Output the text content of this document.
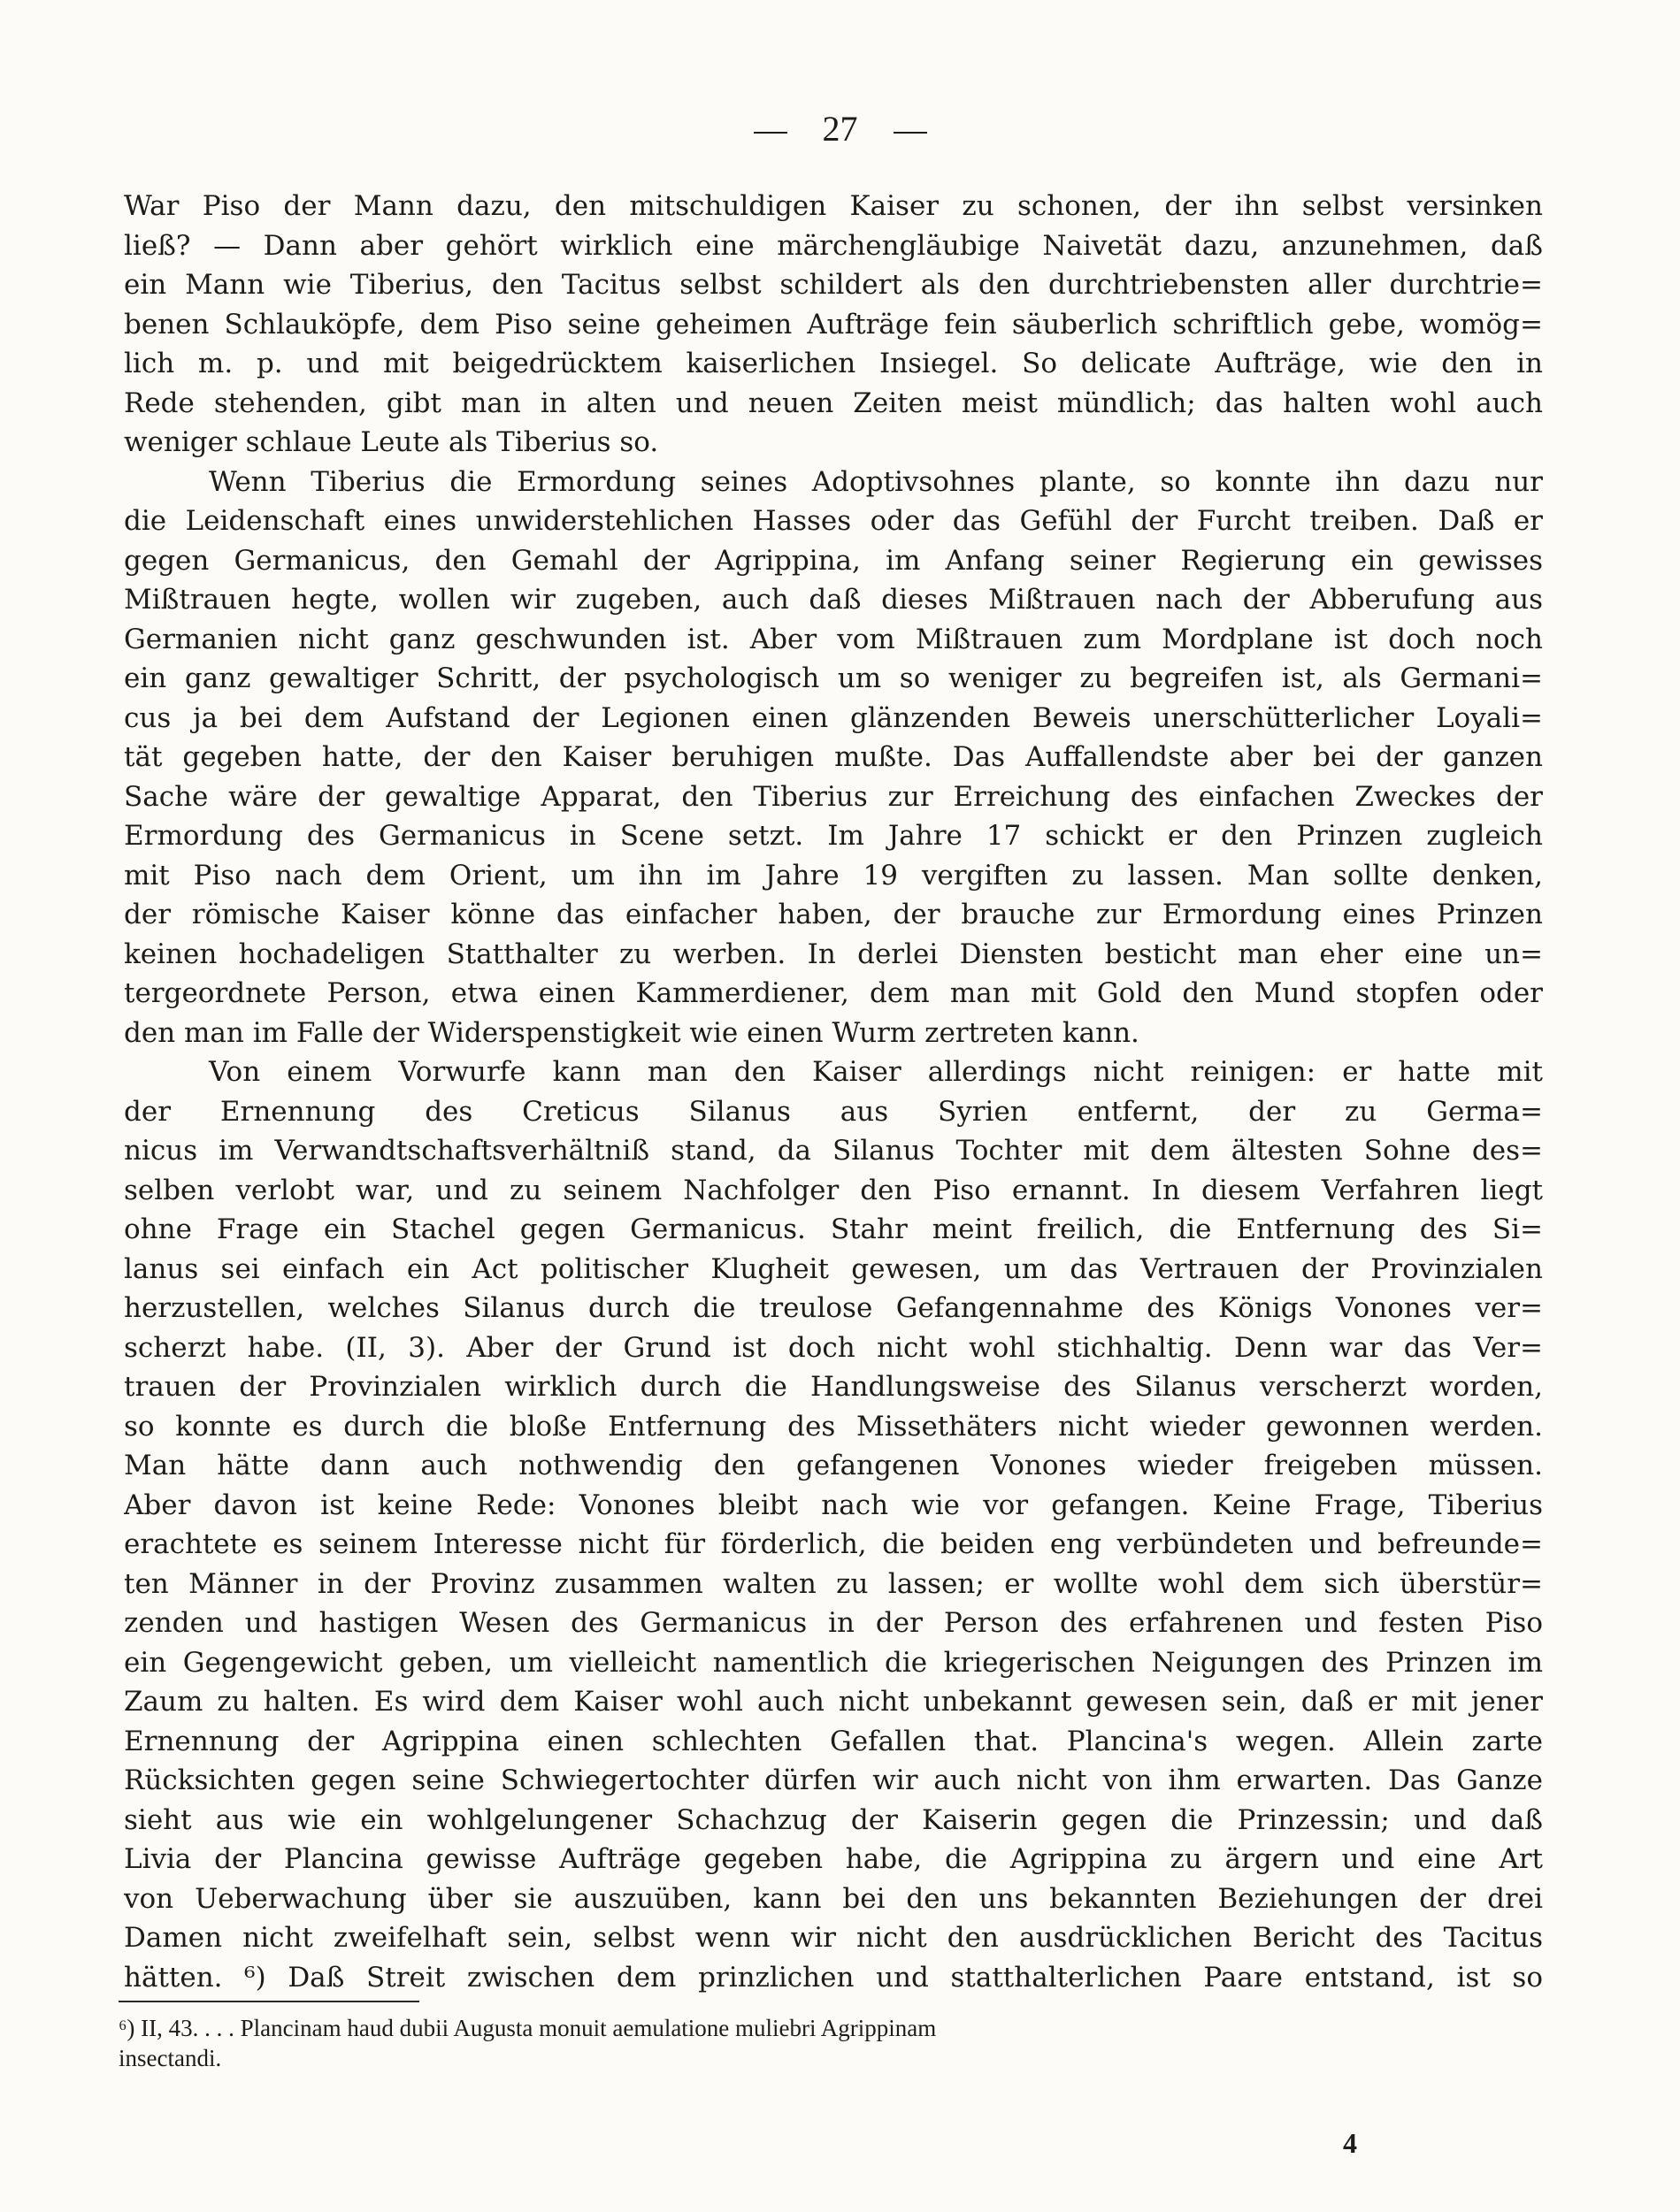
27
War Piso der Mann dazu, den mitschuldigen Kaiser zu schonen, der ihn selbst versinken
ließ? — Dann aber gehört wirklich eine märchengläubige Naivetät dazu, anzunehmen, daß
ein Mann wie Tiberius, den Tacitus selbst schildert als den durchtriebensten aller durchtrie=
benen Schlauköpfe, dem Piso seine geheimen Aufträge fein säuberlich schriftlich gebe, womög=
lich m. p. und mit beigedrücktem kaiserlichen Insiegel. So delicate Aufträge, wie den in
Rede stehenden, gibt man in alten und neuen Zeiten meist mündlich; das halten wohl auch
weniger schlaue Leute als Tiberius so.
Wenn Tiberius die Ermordung seines Adoptivsohnes plante, so konnte ihn dazu nur
die Leidenschaft eines unwiderstehlichen Hasses oder das Gefühl der Furcht treiben. Daß er
gegen Germanicus, den Gemahl der Agrippina, im Anfang seiner Regierung ein gewisses
Mißtrauen hegte, wollen wir zugeben, auch daß dieses Mißtrauen nach der Abberufung aus
Germanien nicht ganz geschwunden ist. Aber vom Mißtrauen zum Mordplane ist doch noch
ein ganz gewaltiger Schritt, der psychologisch um so weniger zu begreifen ist, als Germani=
cus ja bei dem Aufstand der Legionen einen glänzenden Beweis unerschütterlicher Loyali=
tät gegeben hatte, der den Kaiser beruhigen mußte. Das Auffallendste aber bei der ganzen
Sache wäre der gewaltige Apparat, den Tiberius zur Erreichung des einfachen Zweckes der
Ermordung des Germanicus in Scene setzt. Im Jahre 17 schickt er den Prinzen zugleich
mit Piso nach dem Orient, um ihn im Jahre 19 vergiften zu lassen. Man sollte denken,
der römische Kaiser könne das einfacher haben, der brauche zur Ermordung eines Prinzen
keinen hochadeligen Statthalter zu werben. In derlei Diensten besticht man eher eine un=
tergeordnete Person, etwa einen Kammerdiener, dem man mit Gold den Mund stopfen oder
den man im Falle der Widerspenstigkeit wie einen Wurm zertreten kann.
Von einem Vorwurfe kann man den Kaiser allerdings nicht reinigen: er hatte mit
der Ernennung des Creticus Silanus aus Syrien entfernt, der zu Germa=
nicus im Verwandtschaftsverhältniß stand, da Silanus Tochter mit dem ältesten Sohne des=
selben verlobt war, und zu seinem Nachfolger den Piso ernannt. In diesem Verfahren liegt
ohne Frage ein Stachel gegen Germanicus. Stahr meint freilich, die Entfernung des Si=
lanus sei einfach ein Act politischer Klugheit gewesen, um das Vertrauen der Provinzialen
herzustellen, welches Silanus durch die treulose Gefangennahme des Königs Vonones ver=
scherzt habe. (II, 3). Aber der Grund ist doch nicht wohl stichhaltig. Denn war das Ver=
trauen der Provinzialen wirklich durch die Handlungsweise des Silanus verscherzt worden,
so konnte es durch die bloße Entfernung des Missethäters nicht wieder gewonnen werden.
Man hätte dann auch nothwendig den gefangenen Vonones wieder freigeben müssen.
Aber davon ist keine Rede: Vonones bleibt nach wie vor gefangen. Keine Frage, Tiberius
erachtete es seinem Interesse nicht für förderlich, die beiden eng verbündeten und befreunde=
ten Männer in der Provinz zusammen walten zu lassen; er wollte wohl dem sich überstür=
zenden und hastigen Wesen des Germanicus in der Person des erfahrenen und festen Piso
ein Gegengewicht geben, um vielleicht namentlich die kriegerischen Neigungen des Prinzen im
Zaum zu halten. Es wird dem Kaiser wohl auch nicht unbekannt gewesen sein, daß er mit jener
Ernennung der Agrippina einen schlechten Gefallen that. Plancina's wegen. Allein zarte
Rücksichten gegen seine Schwiegertochter dürfen wir auch nicht von ihm erwarten. Das Ganze
sieht aus wie ein wohlgelungener Schachzug der Kaiserin gegen die Prinzessin; und daß
Livia der Plancina gewisse Aufträge gegeben habe, die Agrippina zu ärgern und eine Art
von Ueberwachung über sie auszuüben, kann bei den uns bekannten Beziehungen der drei
Damen nicht zweifelhaft sein, selbst wenn wir nicht den ausdrücklichen Bericht des Tacitus
hätten. ⁶) Daß Streit zwischen dem prinzlichen und statthalterlichen Paare entstand, ist so
⁶) II, 43. . . . Plancinam haud dubii Augusta monuit aemulatione muliebri Agrippinam
insectandi.
4
